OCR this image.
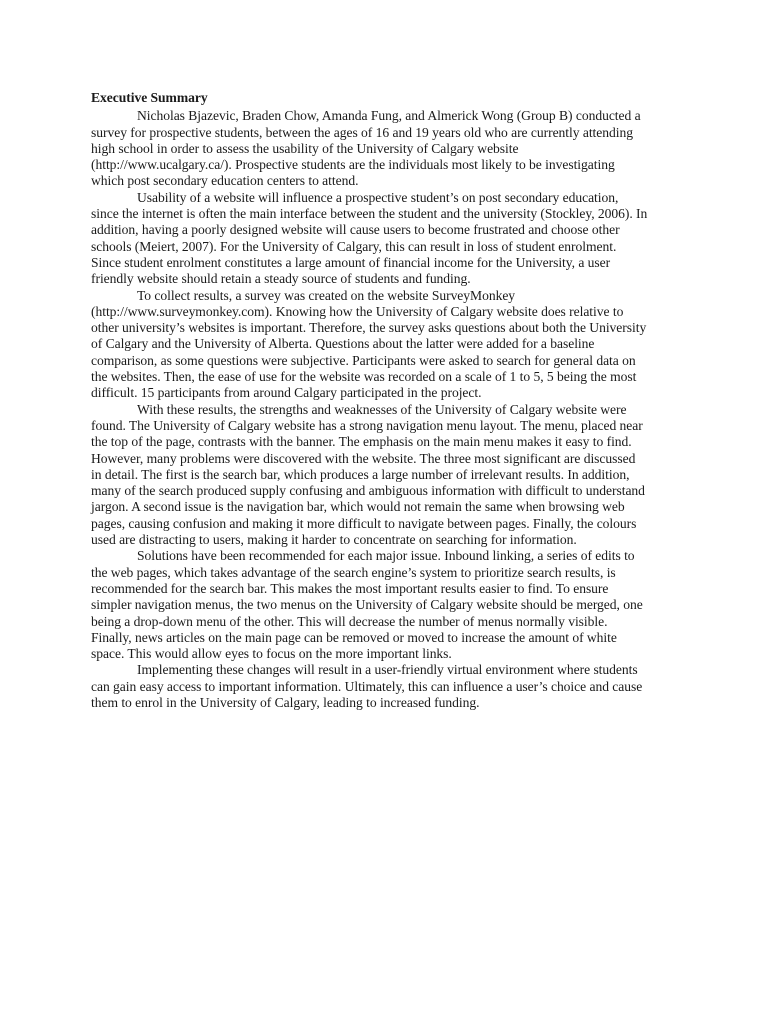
Executive Summary

Nicholas Bjazevic, Braden Chow, Amanda Fung, and Almerick Wong (Group B) conducted a survey for prospective students, between the ages of 16 and 19 years old who are currently attending high school in order to assess the usability of the University of Calgary website (http://www.ucalgary.ca/). Prospective students are the individuals most likely to be investigating which post secondary education centers to attend.

Usability of a website will influence a prospective student’s on post secondary education, since the internet is often the main interface between the student and the university (Stockley, 2006). In addition, having a poorly designed website will cause users to become frustrated and choose other schools (Meiert, 2007). For the University of Calgary, this can result in loss of student enrolment. Since student enrolment constitutes a large amount of financial income for the University, a user friendly website should retain a steady source of students and funding.

To collect results, a survey was created on the website SurveyMonkey (http://www.surveymonkey.com). Knowing how the University of Calgary website does relative to other university’s websites is important. Therefore, the survey asks questions about both the University of Calgary and the University of Alberta. Questions about the latter were added for a baseline comparison, as some questions were subjective. Participants were asked to search for general data on the websites. Then, the ease of use for the website was recorded on a scale of 1 to 5, 5 being the most difficult. 15 participants from around Calgary participated in the project.

With these results, the strengths and weaknesses of the University of Calgary website were found. The University of Calgary website has a strong navigation menu layout. The menu, placed near the top of the page, contrasts with the banner. The emphasis on the main menu makes it easy to find. However, many problems were discovered with the website. The three most significant are discussed in detail. The first is the search bar, which produces a large number of irrelevant results. In addition, many of the search produced supply confusing and ambiguous information with difficult to understand jargon. A second issue is the navigation bar, which would not remain the same when browsing web pages, causing confusion and making it more difficult to navigate between pages. Finally, the colours used are distracting to users, making it harder to concentrate on searching for information.

Solutions have been recommended for each major issue. Inbound linking, a series of edits to the web pages, which takes advantage of the search engine’s system to prioritize search results, is recommended for the search bar. This makes the most important results easier to find. To ensure simpler navigation menus, the two menus on the University of Calgary website should be merged, one being a drop-down menu of the other. This will decrease the number of menus normally visible. Finally, news articles on the main page can be removed or moved to increase the amount of white space. This would allow eyes to focus on the more important links.

Implementing these changes will result in a user-friendly virtual environment where students can gain easy access to important information. Ultimately, this can influence a user’s choice and cause them to enrol in the University of Calgary, leading to increased funding.
